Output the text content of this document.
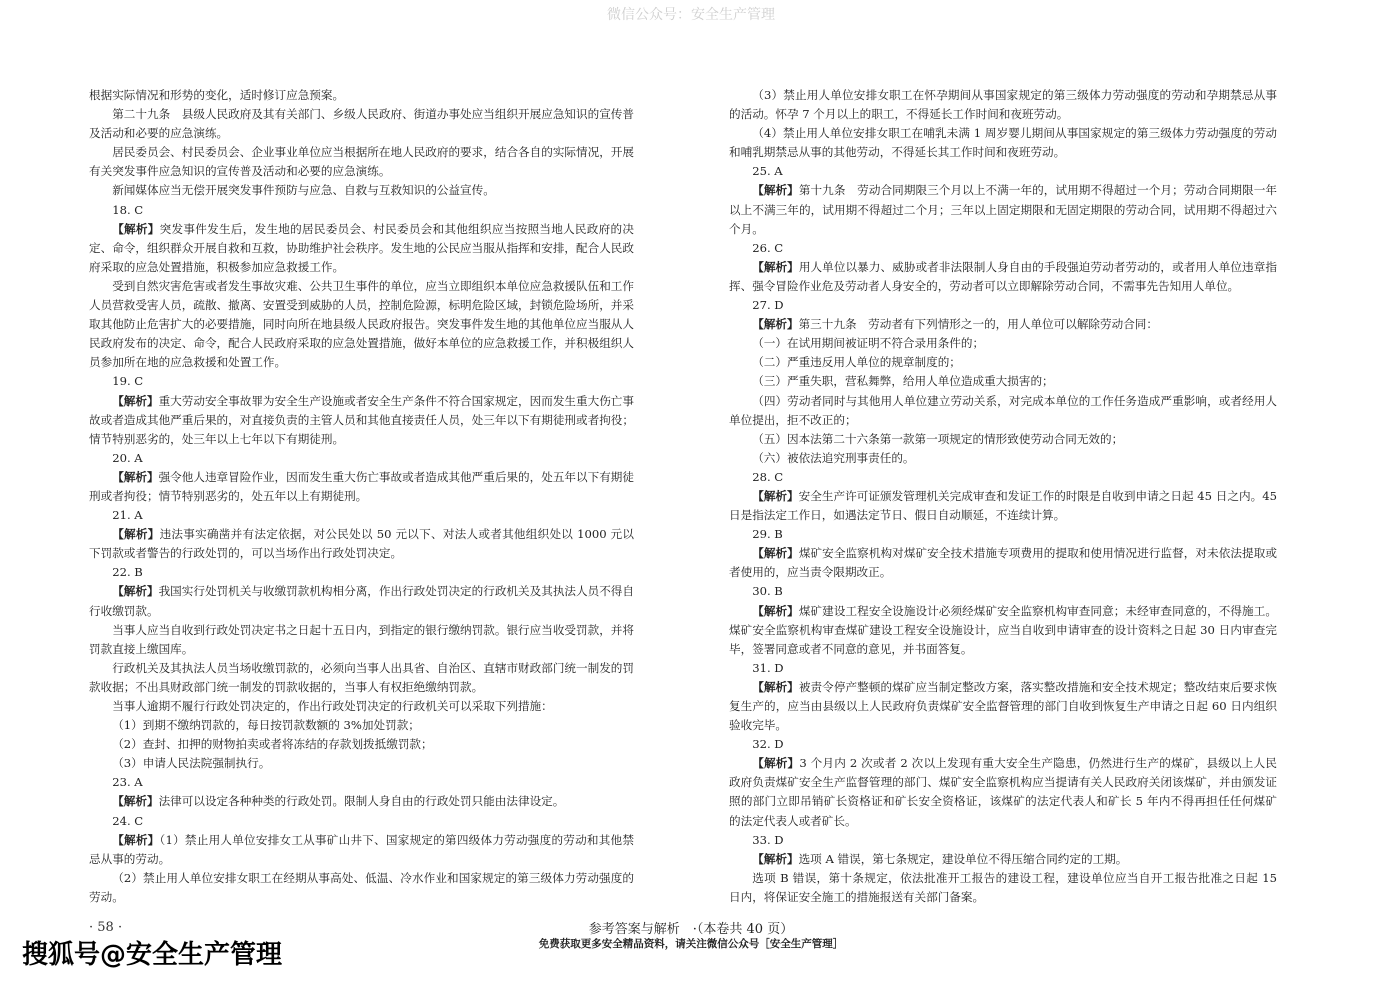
微信公众号：安全生产管理

根据实际情况和形势的变化，适时修订应急预案。

第二十九条　县级人民政府及其有关部门、乡级人民政府、街道办事处应当组织开展应急知识的宣传普及活动和必要的应急演练。

居民委员会、村民委员会、企业事业单位应当根据所在地人民政府的要求，结合各自的实际情况，开展有关突发事件应急知识的宣传普及活动和必要的应急演练。

新闻媒体应当无偿开展突发事件预防与应急、自救与互救知识的公益宣传。

18. C

【解析】突发事件发生后，发生地的居民委员会、村民委员会和其他组织应当按照当地人民政府的决定、命令，组织群众开展自救和互救，协助维护社会秩序。发生地的公民应当服从指挥和安排，配合人民政府采取的应急处置措施，积极参加应急救援工作。

受到自然灾害危害或者发生事故灾难、公共卫生事件的单位，应当立即组织本单位应急救援队伍和工作人员营救受害人员，疏散、撤离、安置受到威胁的人员，控制危险源，标明危险区域，封锁危险场所，并采取其他防止危害扩大的必要措施，同时向所在地县级人民政府报告。突发事件发生地的其他单位应当服从人民政府发布的决定、命令，配合人民政府采取的应急处置措施，做好本单位的应急救援工作，并积极组织人员参加所在地的应急救援和处置工作。

19. C

【解析】重大劳动安全事故罪为安全生产设施或者安全生产条件不符合国家规定，因而发生重大伤亡事故或者造成其他严重后果的，对直接负责的主管人员和其他直接责任人员，处三年以下有期徒刑或者拘役；情节特别恶劣的，处三年以上七年以下有期徒刑。

20. A

【解析】强令他人违章冒险作业，因而发生重大伤亡事故或者造成其他严重后果的，处五年以下有期徒刑或者拘役；情节特别恶劣的，处五年以上有期徒刑。

21. A

【解析】违法事实确凿并有法定依据，对公民处以 50 元以下、对法人或者其他组织处以 1000 元以下罚款或者警告的行政处罚的，可以当场作出行政处罚决定。

22. B

【解析】我国实行处罚机关与收缴罚款机构相分离，作出行政处罚决定的行政机关及其执法人员不得自行收缴罚款。

当事人应当自收到行政处罚决定书之日起十五日内，到指定的银行缴纳罚款。银行应当收受罚款，并将罚款直接上缴国库。

行政机关及其执法人员当场收缴罚款的，必须向当事人出具省、自治区、直辖市财政部门统一制发的罚款收据；不出具财政部门统一制发的罚款收据的，当事人有权拒绝缴纳罚款。

当事人逾期不履行行政处罚决定的，作出行政处罚决定的行政机关可以采取下列措施：

（1）到期不缴纳罚款的，每日按罚款数额的 3%加处罚款；

（2）查封、扣押的财物拍卖或者将冻结的存款划拨抵缴罚款；

（3）申请人民法院强制执行。

23. A

【解析】法律可以设定各种种类的行政处罚。限制人身自由的行政处罚只能由法律设定。

24. C

【解析】（1）禁止用人单位安排女工从事矿山井下、国家规定的第四级体力劳动强度的劳动和其他禁忌从事的劳动。

（2）禁止用人单位安排女职工在经期从事高处、低温、冷水作业和国家规定的第三级体力劳动强度的劳动。

（3）禁止用人单位安排女职工在怀孕期间从事国家规定的第三级体力劳动强度的劳动和孕期禁忌从事的活动。怀孕 7 个月以上的职工，不得延长工作时间和夜班劳动。

（4）禁止用人单位安排女职工在哺乳未满 1 周岁婴儿期间从事国家规定的第三级体力劳动强度的劳动和哺乳期禁忌从事的其他劳动，不得延长其工作时间和夜班劳动。

25. A

【解析】第十九条　劳动合同期限三个月以上不满一年的，试用期不得超过一个月；劳动合同期限一年以上不满三年的，试用期不得超过二个月；三年以上固定期限和无固定期限的劳动合同，试用期不得超过六个月。

26. C

【解析】用人单位以暴力、威胁或者非法限制人身自由的手段强迫劳动者劳动的，或者用人单位违章指挥、强令冒险作业危及劳动者人身安全的，劳动者可以立即解除劳动合同，不需事先告知用人单位。

27. D

【解析】第三十九条　劳动者有下列情形之一的，用人单位可以解除劳动合同：

（一）在试用期间被证明不符合录用条件的；

（二）严重违反用人单位的规章制度的；

（三）严重失职，营私舞弊，给用人单位造成重大损害的；

（四）劳动者同时与其他用人单位建立劳动关系，对完成本单位的工作任务造成严重影响，或者经用人单位提出，拒不改正的；

（五）因本法第二十六条第一款第一项规定的情形致使劳动合同无效的；

（六）被依法追究刑事责任的。

28. C

【解析】安全生产许可证颁发管理机关完成审查和发证工作的时限是自收到申请之日起 45 日之内。45 日是指法定工作日，如遇法定节日、假日自动顺延，不连续计算。

29. B

【解析】煤矿安全监察机构对煤矿安全技术措施专项费用的提取和使用情况进行监督，对未依法提取或者使用的，应当责令限期改正。

30. B

【解析】煤矿建设工程安全设施设计必须经煤矿安全监察机构审查同意；未经审查同意的，不得施工。煤矿安全监察机构审查煤矿建设工程安全设施设计，应当自收到申请审查的设计资料之日起 30 日内审查完毕，签署同意或者不同意的意见，并书面答复。

31. D

【解析】被责令停产整顿的煤矿应当制定整改方案，落实整改措施和安全技术规定；整改结束后要求恢复生产的，应当由县级以上人民政府负责煤矿安全监督管理的部门自收到恢复生产申请之日起 60 日内组织验收完毕。

32. D

【解析】3 个月内 2 次或者 2 次以上发现有重大安全生产隐患，仍然进行生产的煤矿，县级以上人民政府负责煤矿安全生产监督管理的部门、煤矿安全监察机构应当提请有关人民政府关闭该煤矿，并由颁发证照的部门立即吊销矿长资格证和矿长安全资格证，该煤矿的法定代表人和矿长 5 年内不得再担任任何煤矿的法定代表人或者矿长。

33. D

【解析】选项 A 错误，第七条规定，建设单位不得压缩合同约定的工期。

选项 B 错误，第十条规定，依法批准开工报告的建设工程，建设单位应当自开工报告批准之日起 15 日内，将保证安全施工的措施报送有关部门备案。

· 58 ·	参考答案与解析　·（本卷共 40 页）
免费获取更多安全精品资料，请关注微信公众号［安全生产管理］
搜狐号@安全生产管理
